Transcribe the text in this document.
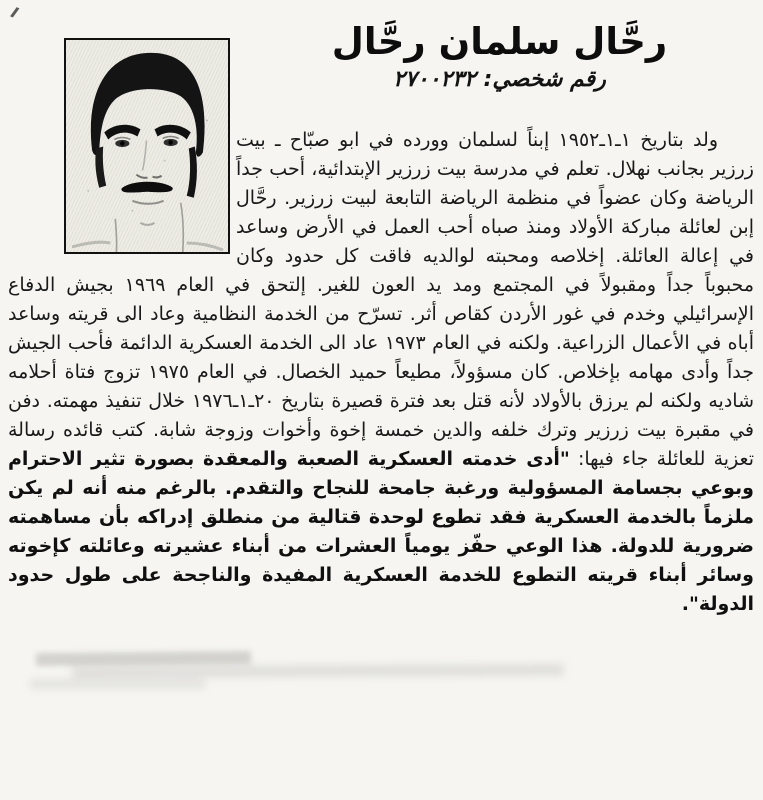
رحَّال سلمان رحَّال
رقم شخصي: ٢٧٠٠٢٣٢

ولد بتاريخ ١ـ١ـ١٩٥٢ إبناً لسلمان وورده في ابو صبّاح ـ بيت زرزير بجانب نهلال. تعلم في مدرسة بيت زرزير الإبتدائية، أحب جداً الرياضة وكان عضواً في منظمة الرياضة التابعة لبيت زرزير. رحَّال إبن لعائلة مباركة الأولاد ومنذ صباه أحب العمل في الأرض وساعد في إعالة العائلة. إخلاصه ومحبته لوالديه فاقت كل حدود وكان محبوباً جداً ومقبولاً في المجتمع ومد يد العون للغير. إلتحق في العام ١٩٦٩ بجيش الدفاع الإسرائيلي وخدم في غور الأردن كقاص أثر. تسرّح من الخدمة النظامية وعاد الى قريته وساعد أباه في الأعمال الزراعية. ولكنه في العام ١٩٧٣ عاد الى الخدمة العسكرية الدائمة فأحب الجيش جداً وأدى مهامه بإخلاص. كان مسؤولاً، مطيعاً حميد الخصال. في العام ١٩٧٥ تزوج فتاة أحلامه شاديه ولكنه لم يرزق بالأولاد لأنه قتل بعد فترة قصيرة بتاريخ ٢٠ـ١ـ١٩٧٦ خلال تنفيذ مهمته. دفن في مقبرة بيت زرزير وترك خلفه والدين خمسة إخوة وأخوات وزوجة شابة. كتب قائده رسالة تعزية للعائلة جاء فيها: "أدى خدمته العسكرية الصعبة والمعقدة بصورة تثير الاحترام وبوعي بجسامة المسؤولية ورغبة جامحة للنجاح والتقدم. بالرغم منه أنه لم يكن ملزماً بالخدمة العسكرية فقد تطوع لوحدة قتالية من منطلق إدراكه بأن مساهمته ضرورية للدولة. هذا الوعي حفّز يومياً العشرات من أبناء عشيرته وعائلته كإخوته وسائر أبناء قريته التطوع للخدمة العسكرية المفيدة والناجحة على طول حدود الدولة".
